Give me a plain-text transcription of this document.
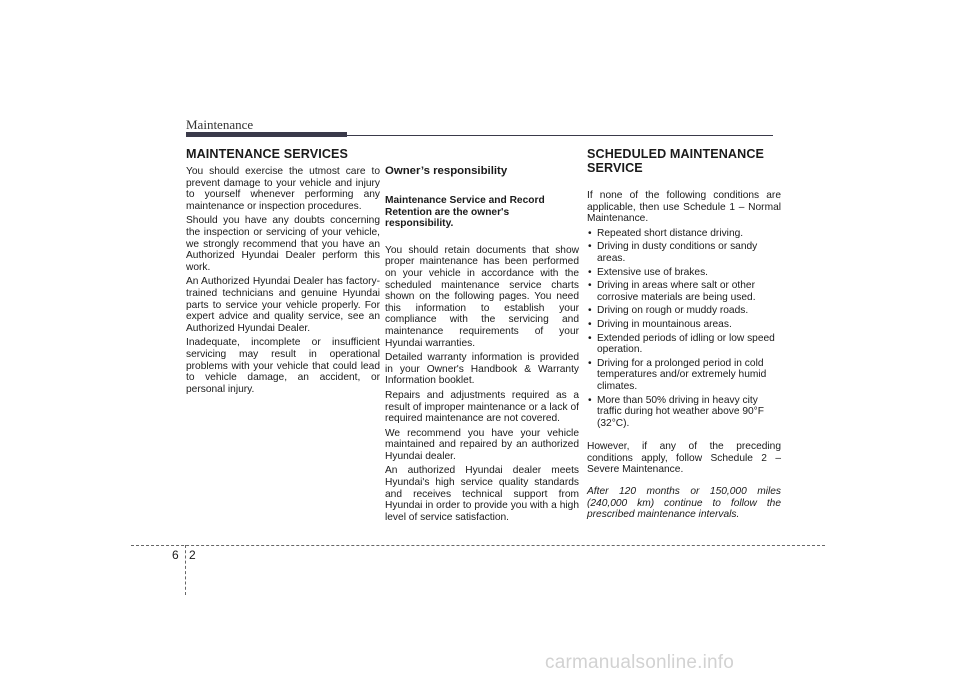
Maintenance
MAINTENANCE SERVICES

You should exercise the utmost care to prevent damage to your vehicle and injury to yourself whenever performing any maintenance or inspection procedures.

Should you have any doubts concerning the inspection or servicing of your vehicle, we strongly recommend that you have an Authorized Hyundai Dealer perform this work.

An Authorized Hyundai Dealer has factory-trained technicians and genuine Hyundai parts to service your vehicle properly. For expert advice and quality service, see an Authorized Hyundai Dealer.

Inadequate, incomplete or insufficient servicing may result in operational problems with your vehicle that could lead to vehicle damage, an accident, or personal injury.

Owner’s responsibility
Maintenance Service and Record Retention are the owner's responsibility.

You should retain documents that show proper maintenance has been performed on your vehicle in accordance with the scheduled maintenance service charts shown on the following pages. You need this information to establish your compliance with the servicing and maintenance requirements of your Hyundai warranties.

Detailed warranty information is provided in your Owner's Handbook & Warranty Information booklet.

Repairs and adjustments required as a result of improper maintenance or a lack of required maintenance are not covered.

We recommend you have your vehicle maintained and repaired by an authorized Hyundai dealer.

An authorized Hyundai dealer meets Hyundai's high service quality standards and receives technical support from Hyundai in order to provide you with a high level of service satisfaction.

SCHEDULED MAINTENANCE
SERVICE

If none of the following conditions are applicable, then use Schedule 1 – Normal Maintenance.

• Repeated short distance driving.
• Driving in dusty conditions or sandy areas.
• Extensive use of brakes.
• Driving in areas where salt or other corrosive materials are being used.
• Driving on rough or muddy roads.
• Driving in mountainous areas.
• Extended periods of idling or low speed operation.
• Driving for a prolonged period in cold temperatures and/or extremely humid climates.
• More than 50% driving in heavy city traffic during hot weather above 90°F (32°C).

However, if any of the preceding conditions apply, follow Schedule 2 – Severe Maintenance.

After 120 months or 150,000 miles (240,000 km) continue to follow the prescribed maintenance intervals.

6 2
carmanualsonline.info
